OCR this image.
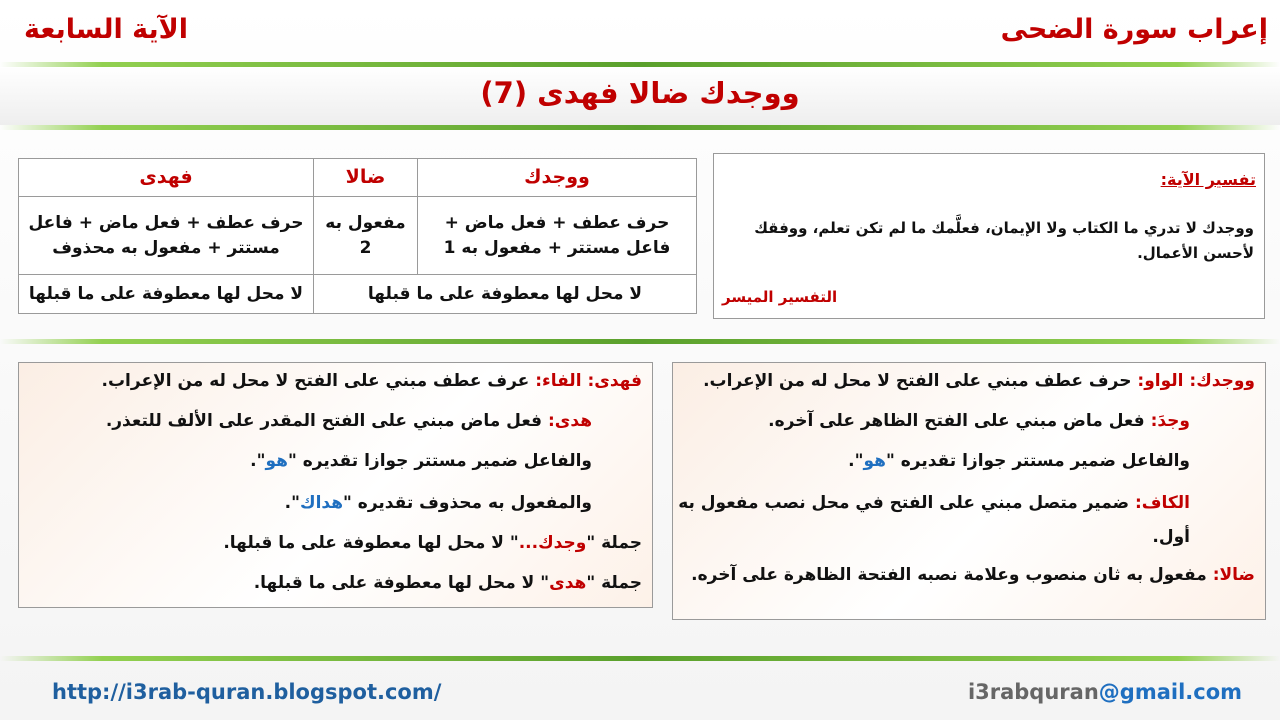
إعراب سورة الضحى
الآية السابعة
ووجدك ضالا فهدى (7)
ووجدك	ضالا	فهدى
حرف عطف + فعل ماض + فاعل مستتر + مفعول به 1	مفعول به 2	حرف عطف + فعل ماض + فاعل مستتر + مفعول به محذوف
لا محل لها معطوفة على ما قبلها		لا محل لها معطوفة على ما قبلها
تفسير الآية:
ووجدك لا تدري ما الكتاب ولا الإيمان، فعلَّمك ما لم تكن تعلم، ووفقك لأحسن الأعمال.
التفسير الميسر
ووجدك: الواو: حرف عطف مبني على الفتح لا محل له من الإعراب.
وجدَ: فعل ماض مبني على الفتح الظاهر على آخره.
والفاعل ضمير مستتر جوازا تقديره "هو".
الكاف: ضمير متصل مبني على الفتح في محل نصب مفعول به
أول.
ضالا: مفعول به ثان منصوب وعلامة نصبه الفتحة الظاهرة على آخره.
فهدى: الفاء: عرف عطف مبني على الفتح لا محل له من الإعراب.
هدى: فعل ماض مبني على الفتح المقدر على الألف للتعذر.
والفاعل ضمير مستتر جوازا تقديره "هو".
والمفعول به محذوف تقديره "هداك".
جملة "وجدك..." لا محل لها معطوفة على ما قبلها.
جملة "هدى" لا محل لها معطوفة على ما قبلها.
http://i3rab-quran.blogspot.com/	i3rabquran@gmail.com
